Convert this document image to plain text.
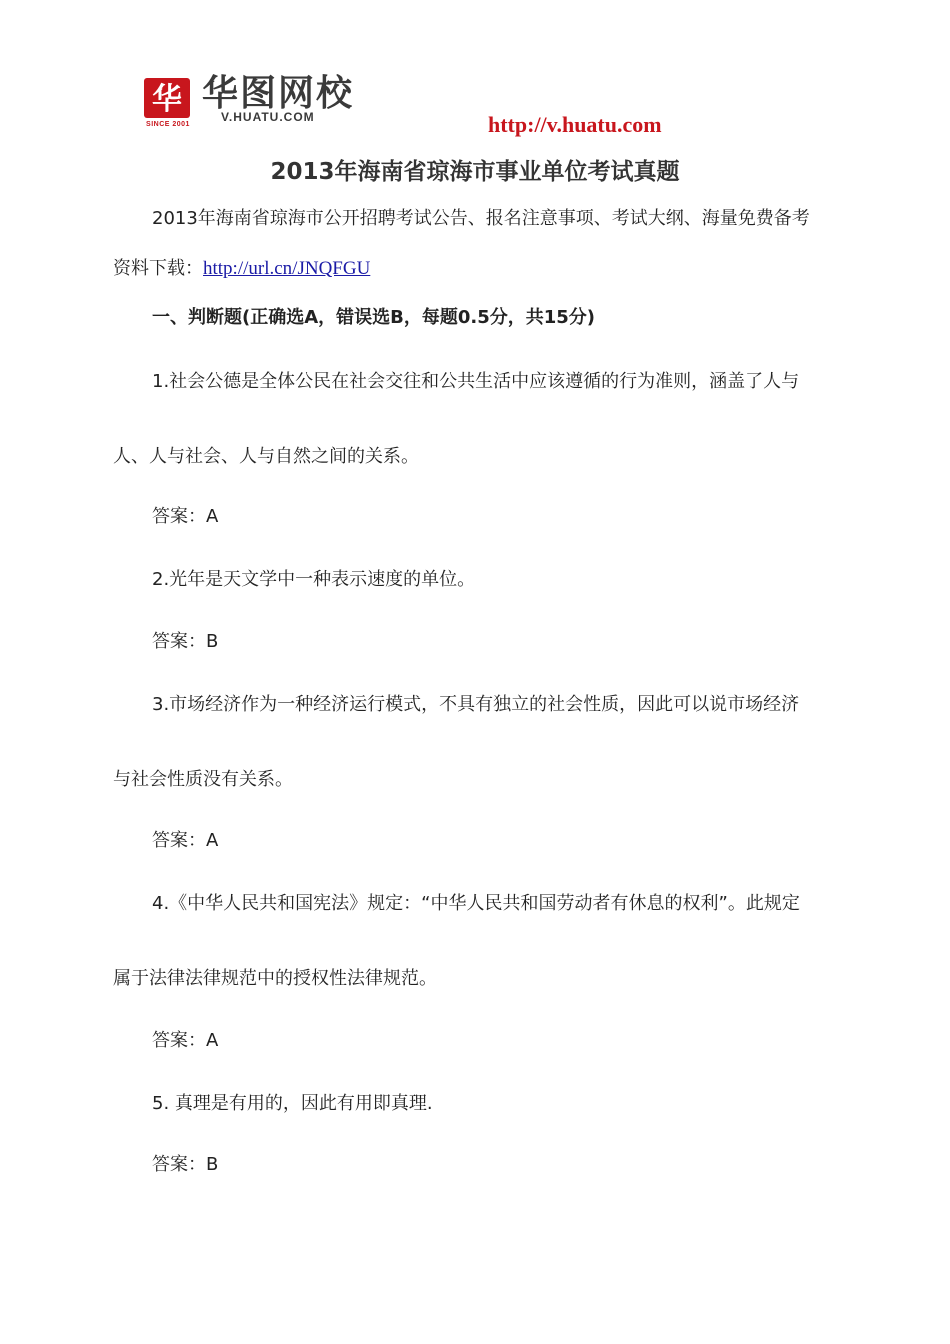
华
SINCE 2001
华图网校
V.HUATU.COM	http://v.huatu.com
2013年海南省琼海市事业单位考试真题
2013年海南省琼海市公开招聘考试公告、报名注意事项、考试大纲、海量免费备考
资料下载：http://url.cn/JNQFGU
一、判断题(正确选A，错误选B，每题0.5分，共15分)
1.社会公德是全体公民在社会交往和公共生活中应该遵循的行为准则，涵盖了人与
人、人与社会、人与自然之间的关系。
答案：A
2.光年是天文学中一种表示速度的单位。
答案：B
3.市场经济作为一种经济运行模式，不具有独立的社会性质，因此可以说市场经济
与社会性质没有关系。
答案：A
4.《中华人民共和国宪法》规定：“中华人民共和国劳动者有休息的权利”。此规定
属于法律法律规范中的授权性法律规范。
答案：A
5. 真理是有用的，因此有用即真理.
答案：B
